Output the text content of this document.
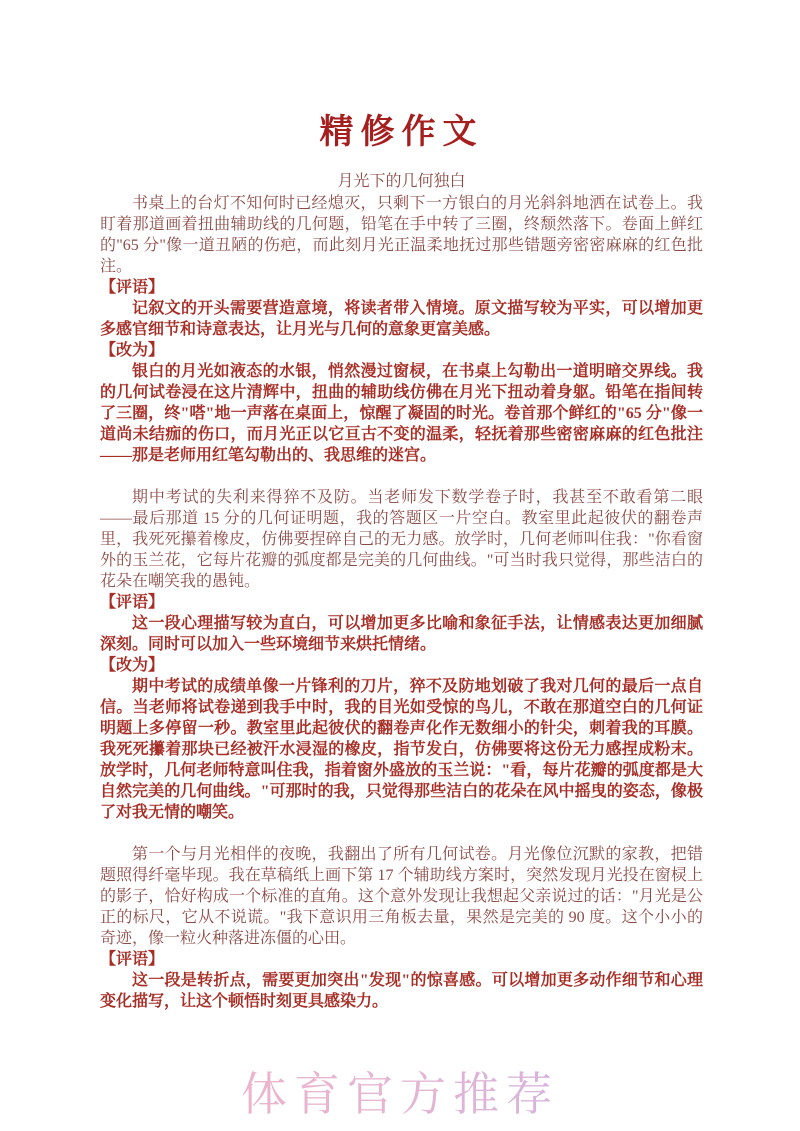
精修作文
月光下的几何独白

书桌上的台灯不知何时已经熄灭，只剩下一方银白的月光斜斜地洒在试卷上。我盯着那道画着扭曲辅助线的几何题，铅笔在手中转了三圈，终颓然落下。卷面上鲜红的"65 分"像一道丑陋的伤疤，而此刻月光正温柔地抚过那些错题旁密密麻麻的红色批注。

【评语】

记叙文的开头需要营造意境，将读者带入情境。原文描写较为平实，可以增加更多感官细节和诗意表达，让月光与几何的意象更富美感。

【改为】

银白的月光如液态的水银，悄然漫过窗棂，在书桌上勾勒出一道明暗交界线。我的几何试卷浸在这片清辉中，扭曲的辅助线仿佛在月光下扭动着身躯。铅笔在指间转了三圈，终"嗒"地一声落在桌面上，惊醒了凝固的时光。卷首那个鲜红的"65 分"像一道尚未结痂的伤口，而月光正以它亘古不变的温柔，轻抚着那些密密麻麻的红色批注——那是老师用红笔勾勒出的、我思维的迷宫。

期中考试的失利来得猝不及防。当老师发下数学卷子时，我甚至不敢看第二眼——最后那道 15 分的几何证明题，我的答题区一片空白。教室里此起彼伏的翻卷声里，我死死攥着橡皮，仿佛要捏碎自己的无力感。放学时，几何老师叫住我："你看窗外的玉兰花，它每片花瓣的弧度都是完美的几何曲线。"可当时我只觉得，那些洁白的花朵在嘲笑我的愚钝。

【评语】

这一段心理描写较为直白，可以增加更多比喻和象征手法，让情感表达更加细腻深刻。同时可以加入一些环境细节来烘托情绪。

【改为】

期中考试的成绩单像一片锋利的刀片，猝不及防地划破了我对几何的最后一点自信。当老师将试卷递到我手中时，我的目光如受惊的鸟儿，不敢在那道空白的几何证明题上多停留一秒。教室里此起彼伏的翻卷声化作无数细小的针尖，刺着我的耳膜。我死死攥着那块已经被汗水浸湿的橡皮，指节发白，仿佛要将这份无力感捏成粉末。放学时，几何老师特意叫住我，指着窗外盛放的玉兰说："看，每片花瓣的弧度都是大自然完美的几何曲线。"可那时的我，只觉得那些洁白的花朵在风中摇曳的姿态，像极了对我无情的嘲笑。

第一个与月光相伴的夜晚，我翻出了所有几何试卷。月光像位沉默的家教，把错题照得纤毫毕现。我在草稿纸上画下第 17 个辅助线方案时，突然发现月光投在窗棂上的影子，恰好构成一个标准的直角。这个意外发现让我想起父亲说过的话："月光是公正的标尺，它从不说谎。"我下意识用三角板去量，果然是完美的 90 度。这个小小的奇迹，像一粒火种落进冻僵的心田。

【评语】

这一段是转折点，需要更加突出"发现"的惊喜感。可以增加更多动作细节和心理变化描写，让这个顿悟时刻更具感染力。

体育官方推荐
